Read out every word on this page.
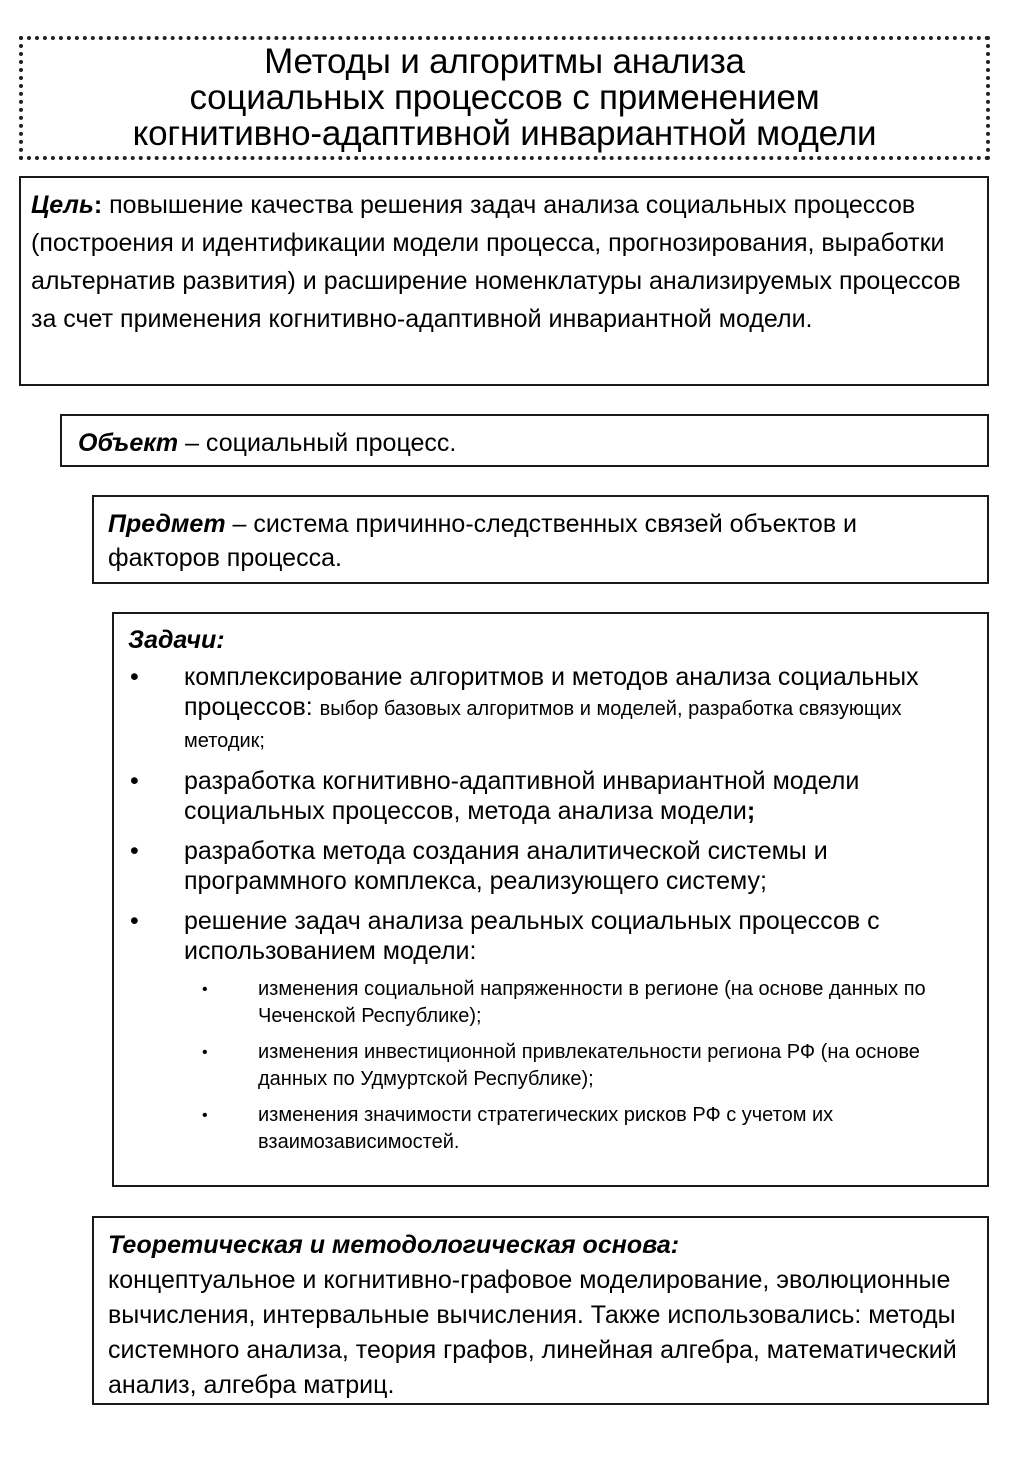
Методы и алгоритмы анализа
социальных процессов с применением
когнитивно-адаптивной инвариантной модели
Цель: повышение качества решения задач анализа социальных процессов (построения и идентификации модели процесса, прогнозирования, выработки альтернатив развития) и расширение номенклатуры анализируемых процессов за счет применения когнитивно-адаптивной инвариантной модели.
Объект – социальный процесс.
Предмет – система причинно-следственных связей объектов и факторов процесса.
Задачи:
• комплексирование алгоритмов и методов анализа социальных процессов: выбор базовых алгоритмов и моделей, разработка связующих методик;
• разработка когнитивно-адаптивной инвариантной модели социальных процессов, метода анализа модели;
• разработка метода создания аналитической системы и программного комплекса, реализующего систему;
• решение задач анализа реальных социальных процессов с использованием модели:
•	изменения социальной напряженности в регионе (на основе данных по Чеченской Республике);
•	изменения инвестиционной привлекательности региона РФ (на основе данных по Удмуртской Республике);
•	изменения значимости стратегических рисков РФ с учетом их взаимозависимостей.
Теоретическая и методологическая основа:
концептуальное и когнитивно-графовое моделирование, эволюционные вычисления, интервальные вычисления. Также использовались: методы системного анализа, теория графов, линейная алгебра, математический анализ, алгебра матриц.
